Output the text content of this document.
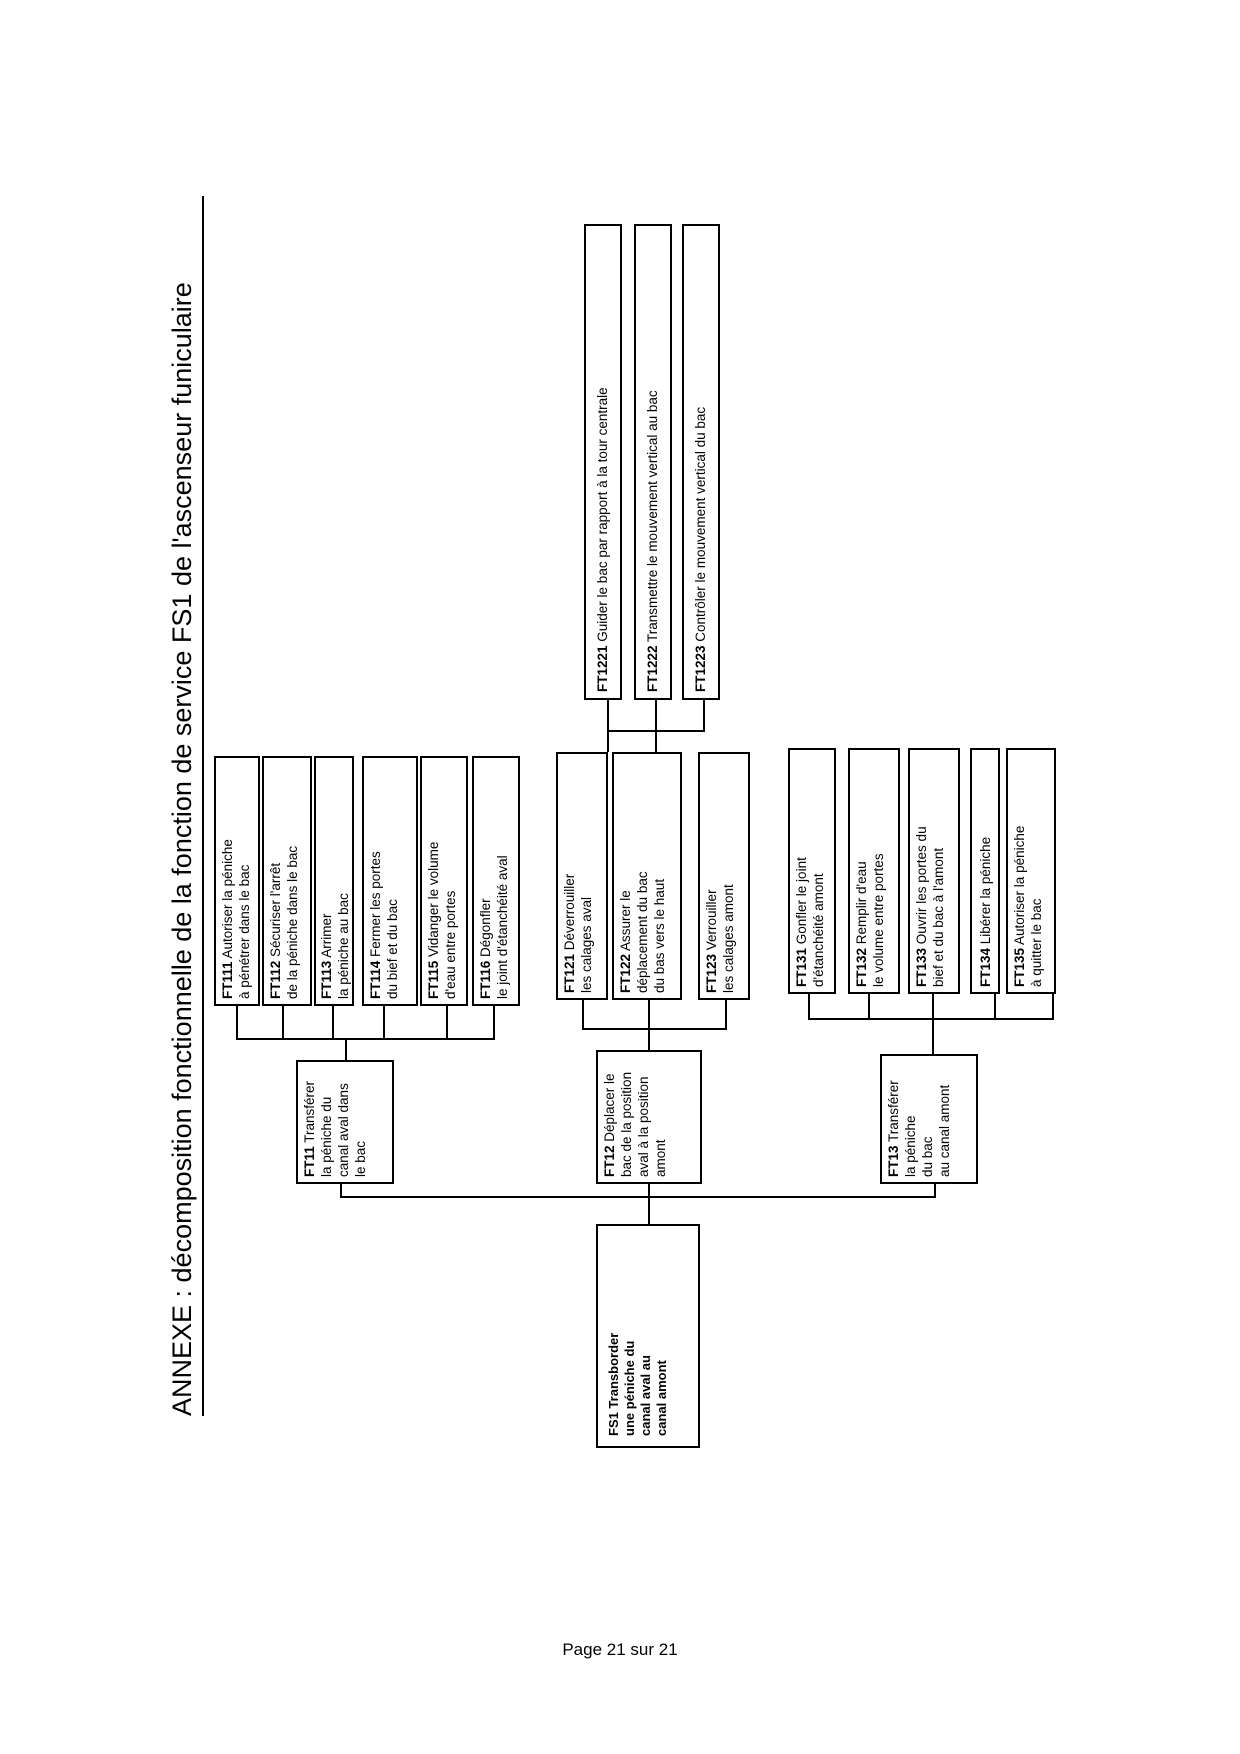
ANNEXE : décomposition fonctionnelle de la fonction de service FS1 de l'ascenseur funiculaire	FS1 Transborder une péniche du canal aval au canal amont
FT11 Transférer la péniche du canal aval dans le bac	FT12 Déplacer le bac de la position aval à la position amont	FT13 Transférer
la péniche du bac au canal amont
FT111 Autoriser la péniche à pénétrer dans le bac FT112 Sécuriser l'arrêt de la péniche dans le bac FT113 Arrimer la péniche au bac FT114 Fermer les portes du bief et du bac FT115 Vidanger le volume d'eau entre portes FT116 Dégonfler le joint d'étanchéité aval	FT121 Déverrouiller les calages aval FT122 Assurer le déplacement du bac du bas vers le haut	FT123 Verrouiller les calages amont
FT1221 Guider le bac par rapport à la tour centrale
FT1222 Transmettre le mouvement vertical au bac
FT1223 Contrôler le mouvement vertical du bac
FT131 Gonfler le joint d'étanchéité amont FT132 Remplir d'eau le volume entre portes FT133 Ouvrir les portes du bief et du bac à l'amont FT134 Libérer la péniche
FT135 Autoriser la péniche à quitter le bac
Page 21 sur 21
